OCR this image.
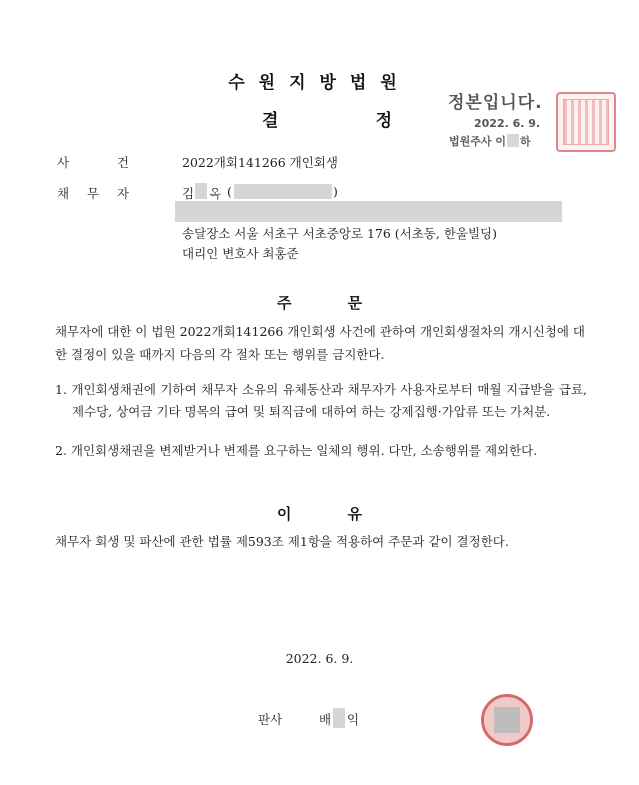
수원지방법원
결	정
정본입니다.
2022. 6. 9.
법원주사 이 하
사	건	2022개회141266 개인회생
채 무 자	김 옥 (	)
송달장소 서울 서초구 서초중앙로 176 (서초동, 한울빌딩)
대리인 변호사 최홍준
주	문
채무자에 대한 이 법원 2022개회141266 개인회생 사건에 관하여 개인회생절차의 개시신청에 대한 결정이 있을 때까지 다음의 각 절차 또는 행위를 금지한다.
1. 개인회생채권에 기하여 채무자 소유의 유체동산과 채무자가 사용자로부터 매월 지급받을 급료, 제수당, 상여금 기타 명목의 급여 및 퇴직금에 대하여 하는 강제집행·가압류 또는 가처분.
2. 개인회생채권을 변제받거나 변제를 요구하는 일체의 행위. 다만, 소송행위를 제외한다.
이	유
채무자 회생 및 파산에 관한 법률 제593조 제1항을 적용하여 주문과 같이 결정한다.
2022. 6. 9.
판사	배 익
